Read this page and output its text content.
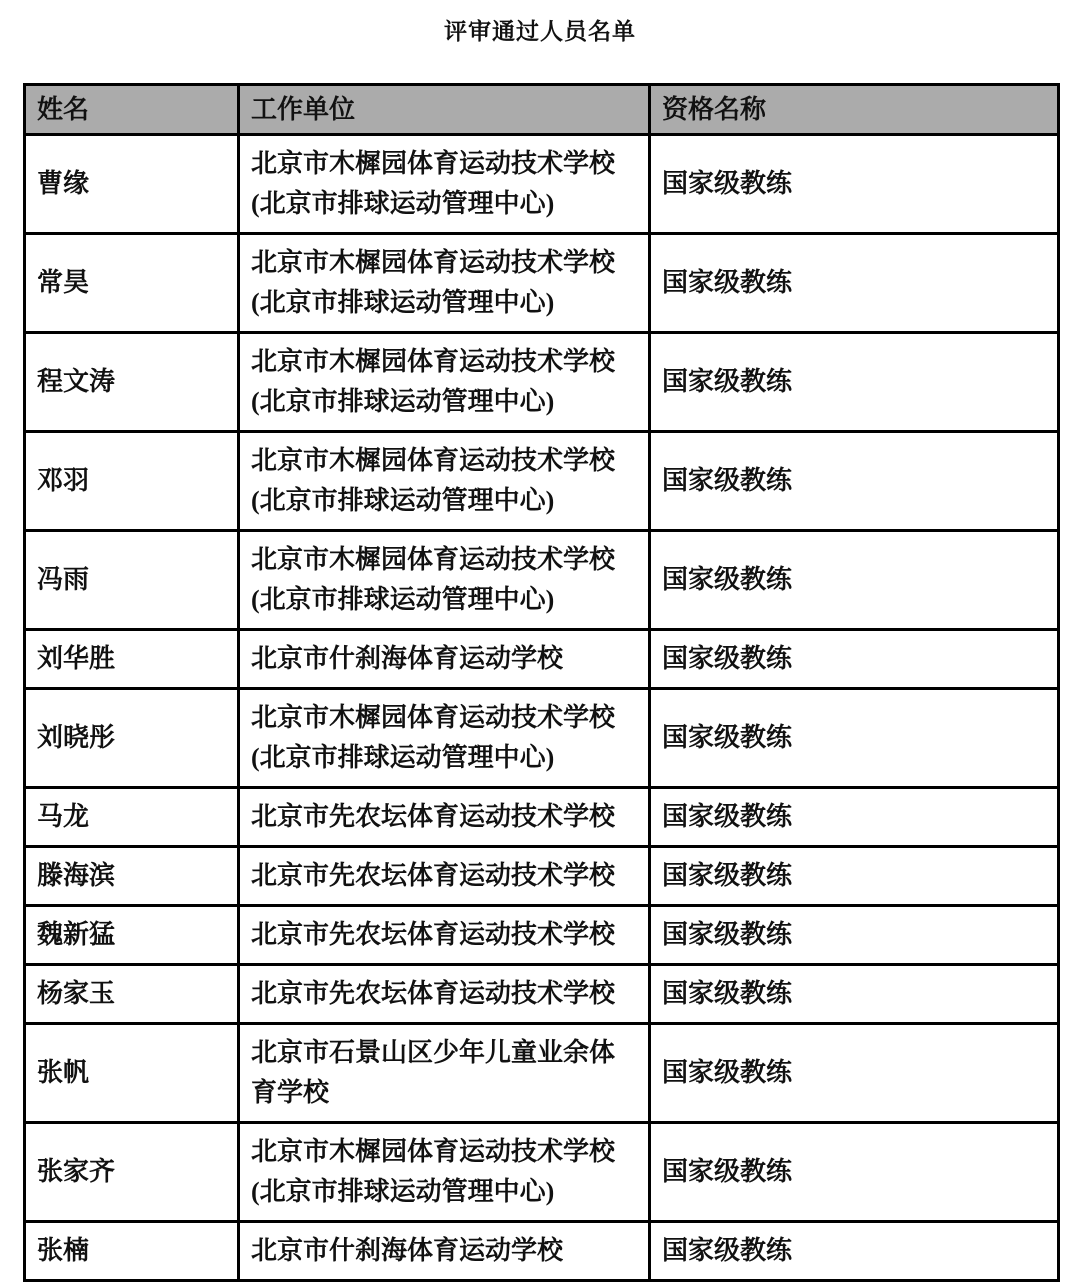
评审通过人员名单
姓名	工作单位	资格名称
曹缘	北京市木樨园体育运动技术学校(北京市排球运动管理中心)	国家级教练
常昊	北京市木樨园体育运动技术学校(北京市排球运动管理中心)	国家级教练
程文涛	北京市木樨园体育运动技术学校(北京市排球运动管理中心)	国家级教练
邓羽	北京市木樨园体育运动技术学校(北京市排球运动管理中心)	国家级教练
冯雨	北京市木樨园体育运动技术学校(北京市排球运动管理中心)	国家级教练
刘华胜	北京市什刹海体育运动学校	国家级教练
刘晓彤	北京市木樨园体育运动技术学校(北京市排球运动管理中心)	国家级教练
马龙	北京市先农坛体育运动技术学校	国家级教练
滕海滨	北京市先农坛体育运动技术学校	国家级教练
魏新猛	北京市先农坛体育运动技术学校	国家级教练
杨家玉	北京市先农坛体育运动技术学校	国家级教练
张帆	北京市石景山区少年儿童业余体育学校	国家级教练
张家齐	北京市木樨园体育运动技术学校(北京市排球运动管理中心)	国家级教练
张楠	北京市什刹海体育运动学校	国家级教练
